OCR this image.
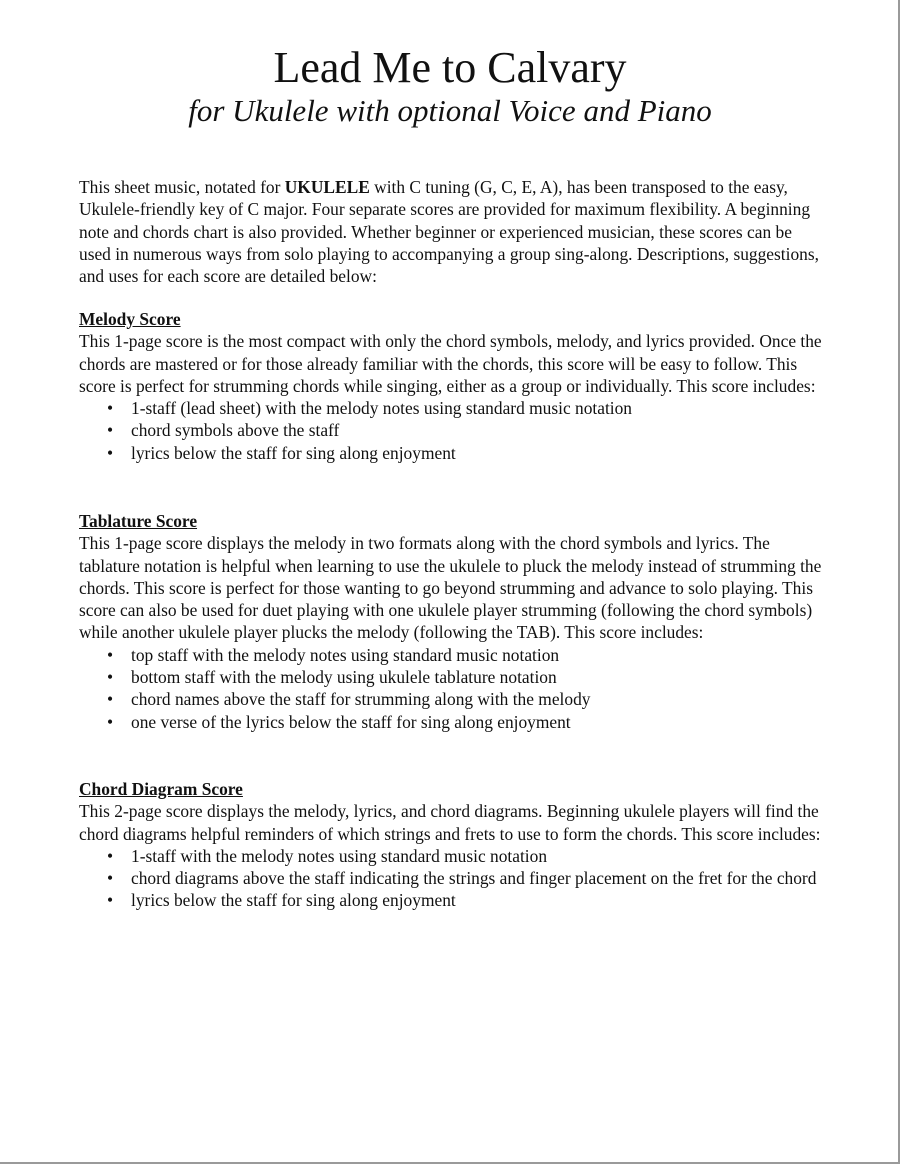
Lead Me to Calvary
for Ukulele with optional Voice and Piano

This sheet music, notated for UKULELE with C tuning (G, C, E, A), has been transposed to the easy, Ukulele-friendly key of C major. Four separate scores are provided for maximum flexibility. A beginning note and chords chart is also provided. Whether beginner or experienced musician, these scores can be used in numerous ways from solo playing to accompanying a group sing-along. Descriptions, suggestions, and uses for each score are detailed below:

Melody Score
This 1-page score is the most compact with only the chord symbols, melody, and lyrics provided. Once the chords are mastered or for those already familiar with the chords, this score will be easy to follow. This score is perfect for strumming chords while singing, either as a group or individually. This score includes:
• 1-staff (lead sheet) with the melody notes using standard music notation
• chord symbols above the staff
• lyrics below the staff for sing along enjoyment
Tablature Score
This 1-page score displays the melody in two formats along with the chord symbols and lyrics. The tablature notation is helpful when learning to use the ukulele to pluck the melody instead of strumming the chords. This score is perfect for those wanting to go beyond strumming and advance to solo playing. This score can also be used for duet playing with one ukulele player strumming (following the chord symbols) while another ukulele player plucks the melody (following the TAB). This score includes:
• top staff with the melody notes using standard music notation
• bottom staff with the melody using ukulele tablature notation
• chord names above the staff for strumming along with the melody
• one verse of the lyrics below the staff for sing along enjoyment
Chord Diagram Score
This 2-page score displays the melody, lyrics, and chord diagrams. Beginning ukulele players will find the chord diagrams helpful reminders of which strings and frets to use to form the chords. This score includes:
• 1-staff with the melody notes using standard music notation
• chord diagrams above the staff indicating the strings and finger placement on the fret for the chord
• lyrics below the staff for sing along enjoyment
